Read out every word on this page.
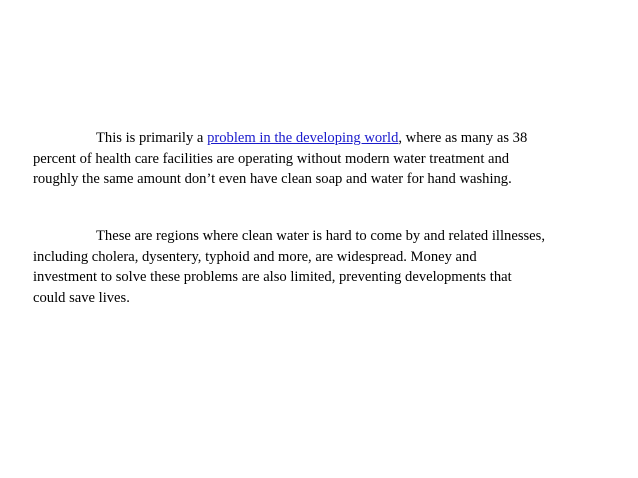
This is primarily a problem in the developing world, where as many as 38
percent of health care facilities are operating without modern water treatment and
roughly the same amount don’t even have clean soap and water for hand washing.

These are regions where clean water is hard to come by and related illnesses,
including cholera, dysentery, typhoid and more, are widespread. Money and
investment to solve these problems are also limited, preventing developments that
could save lives.
